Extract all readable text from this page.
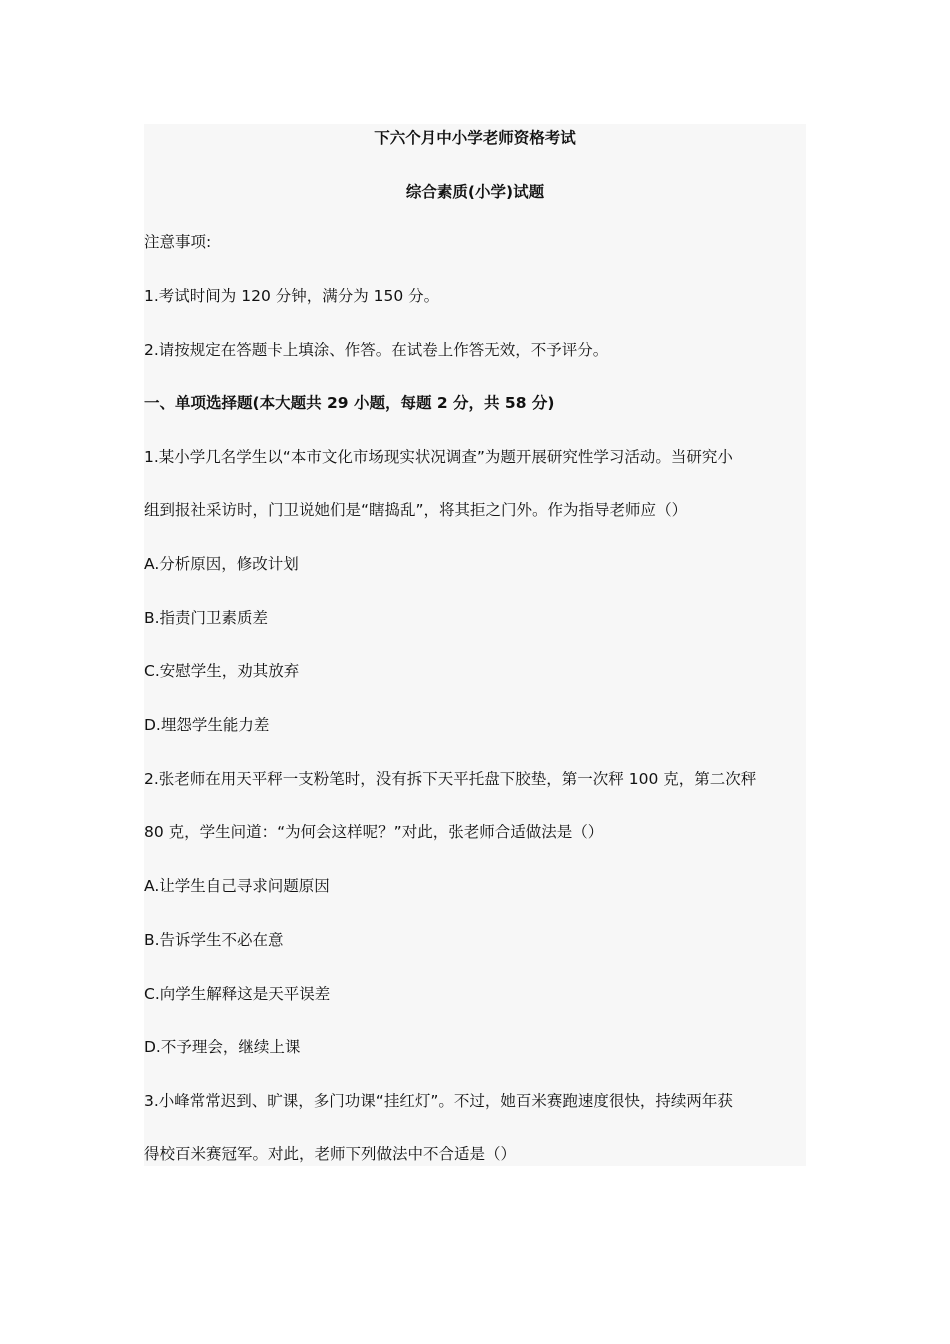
下六个月中小学老师资格考试
综合素质(小学)试题
注意事项:
1.考试时间为 120 分钟，满分为 150 分。
2.请按规定在答题卡上填涂、作答。在试卷上作答无效，不予评分。
一、单项选择题(本大题共 29 小题，每题 2 分，共 58 分)
1.某小学几名学生以“本市文化市场现实状况调查”为题开展研究性学习活动。当研究小
组到报社采访时，门卫说她们是“瞎捣乱”，将其拒之门外。作为指导老师应（）
A.分析原因，修改计划
B.指责门卫素质差
C.安慰学生，劝其放弃
D.埋怨学生能力差
2.张老师在用天平秤一支粉笔时，没有拆下天平托盘下胶垫，第一次秤 100 克，第二次秤
80 克，学生问道：“为何会这样呢？”对此，张老师合适做法是（）
A.让学生自己寻求问题原因
B.告诉学生不必在意
C.向学生解释这是天平误差
D.不予理会，继续上课
3.小峰常常迟到、旷课，多门功课“挂红灯”。不过，她百米赛跑速度很快，持续两年获
得校百米赛冠军。对此，老师下列做法中不合适是（）
